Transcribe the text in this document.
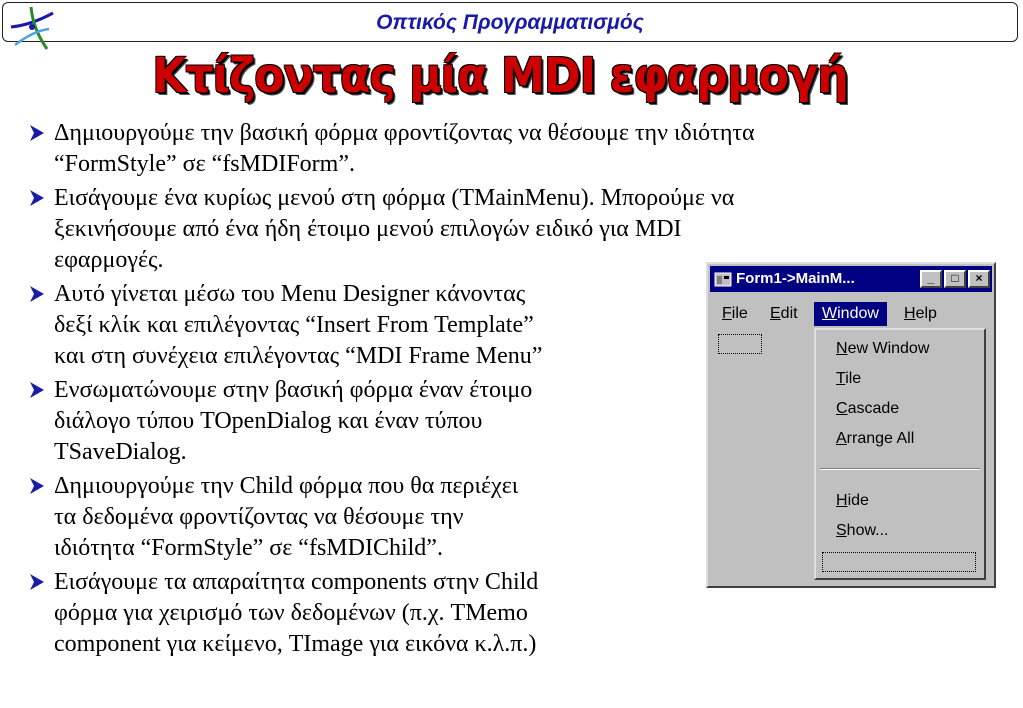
Οπτικός Προγραμματισμός
Κτίζοντας μία MDI εφαρμογή
Δημιουργούμε την βασική φόρμα φροντίζοντας να θέσουμε την ιδιότητα
“FormStyle” σε “fsMDIForm”.
Εισάγουμε ένα κυρίως μενού στη φόρμα (TMainMenu). Μπορούμε να
ξεκινήσουμε από ένα ήδη έτοιμο μενού επιλογών ειδικό για MDI
εφαρμογές.
Αυτό γίνεται μέσω του Menu Designer κάνοντας
δεξί κλίκ και επιλέγοντας “Insert From Template”
και στη συνέχεια επιλέγοντας “MDI Frame Menu”
Ενσωματώνουμε στην βασική φόρμα έναν έτοιμο
διάλογο τύπου TOpenDialog και έναν τύπου
TSaveDialog.
Δημιουργούμε την Child φόρμα που θα περιέχει
τα δεδομένα φροντίζοντας να θέσουμε την
ιδιότητα “FormStyle” σε “fsMDIChild”.
Εισάγουμε τα απαραίτητα components στην Child
φόρμα για χειρισμό των δεδομένων (π.χ. TMemo
component για κείμενο, TImage για εικόνα κ.λ.π.)
Form1->MainM...	_	□	×
File	Edit	Window	Help
New Window
Tile
Cascade
Arrange All
Hide
Show...
